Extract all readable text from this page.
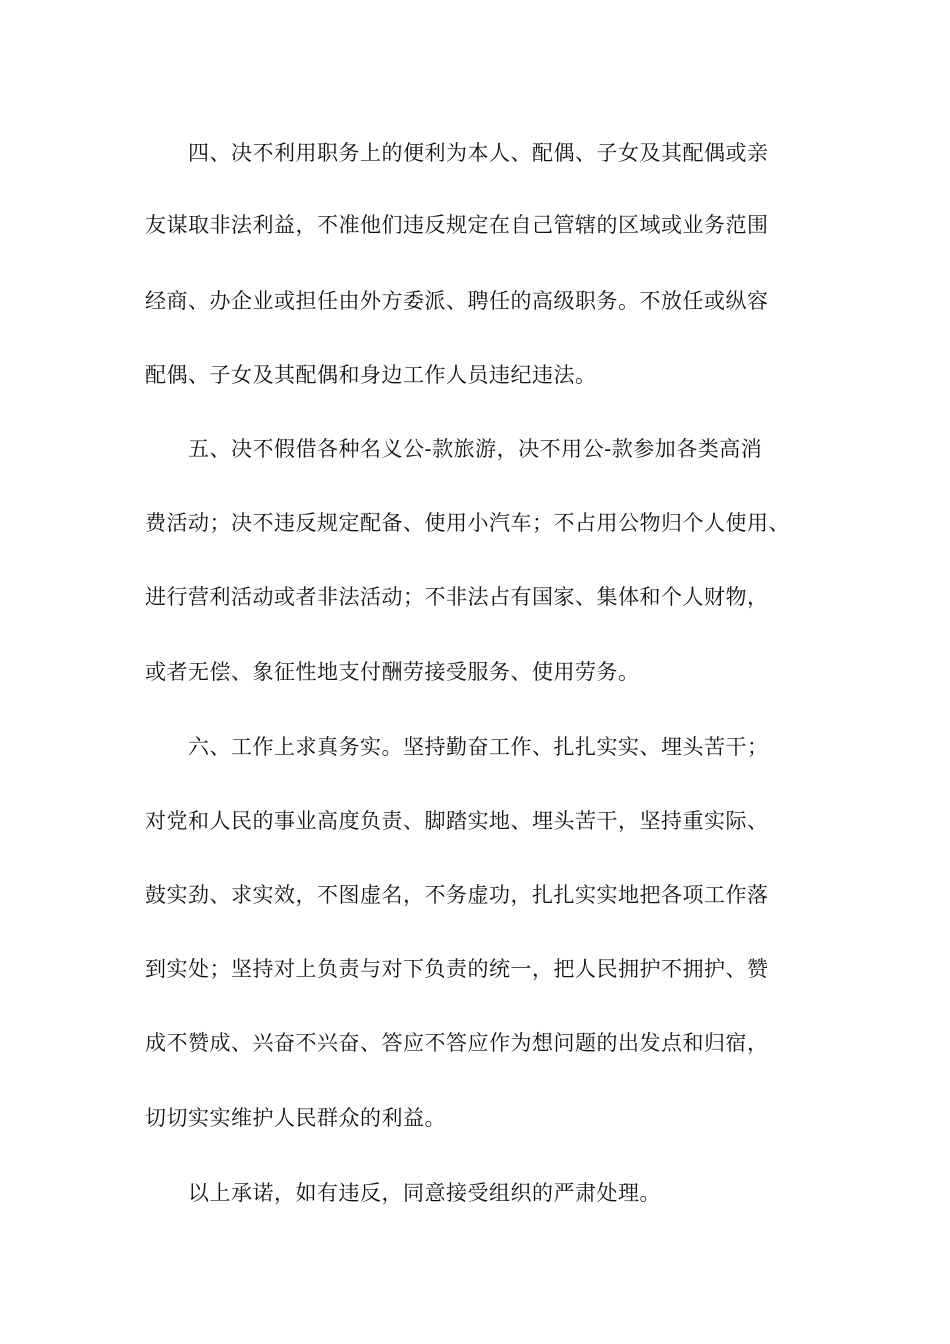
四、决不利用职务上的便利为本人、配偶、子女及其配偶或亲
友谋取非法利益，不准他们违反规定在自己管辖的区域或业务范围
经商、办企业或担任由外方委派、聘任的高级职务。不放任或纵容
配偶、子女及其配偶和身边工作人员违纪违法。
五、决不假借各种名义公-款旅游，决不用公-款参加各类高消
费活动；决不违反规定配备、使用小汽车；不占用公物归个人使用、
进行营利活动或者非法活动；不非法占有国家、集体和个人财物，
或者无偿、象征性地支付酬劳接受服务、使用劳务。
六、工作上求真务实。坚持勤奋工作、扎扎实实、埋头苦干；
对党和人民的事业高度负责、脚踏实地、埋头苦干，坚持重实际、
鼓实劲、求实效，不图虚名，不务虚功，扎扎实实地把各项工作落
到实处；坚持对上负责与对下负责的统一，把人民拥护不拥护、赞
成不赞成、兴奋不兴奋、答应不答应作为想问题的出发点和归宿，
切切实实维护人民群众的利益。
以上承诺，如有违反，同意接受组织的严肃处理。
